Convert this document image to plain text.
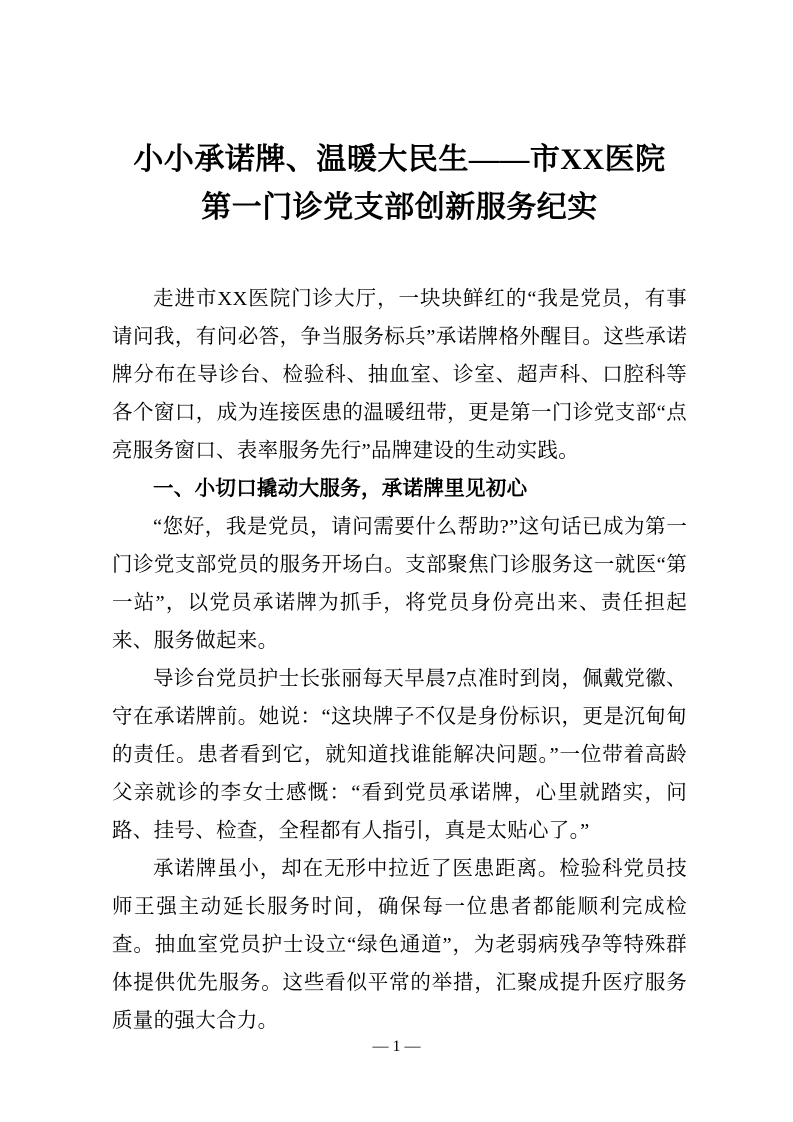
小小承诺牌、温暖大民生——市XX医院
第一门诊党支部创新服务纪实

走进市XX医院门诊大厅，一块块鲜红的“我是党员，有事请问我，有问必答，争当服务标兵”承诺牌格外醒目。这些承诺牌分布在导诊台、检验科、抽血室、诊室、超声科、口腔科等各个窗口，成为连接医患的温暖纽带，更是第一门诊党支部“点亮服务窗口、表率服务先行”品牌建设的生动实践。

一、小切口撬动大服务，承诺牌里见初心

“您好，我是党员，请问需要什么帮助?”这句话已成为第一门诊党支部党员的服务开场白。支部聚焦门诊服务这一就医“第一站”，以党员承诺牌为抓手，将党员身份亮出来、责任担起来、服务做起来。

导诊台党员护士长张丽每天早晨7点准时到岗，佩戴党徽、守在承诺牌前。她说：“这块牌子不仅是身份标识，更是沉甸甸的责任。患者看到它，就知道找谁能解决问题。”一位带着高龄父亲就诊的李女士感慨：“看到党员承诺牌，心里就踏实，问路、挂号、检查，全程都有人指引，真是太贴心了。”

承诺牌虽小，却在无形中拉近了医患距离。检验科党员技师王强主动延长服务时间，确保每一位患者都能顺利完成检查。抽血室党员护士设立“绿色通道”，为老弱病残孕等特殊群体提供优先服务。这些看似平常的举措，汇聚成提升医疗服务质量的强大合力。

— 1 —
